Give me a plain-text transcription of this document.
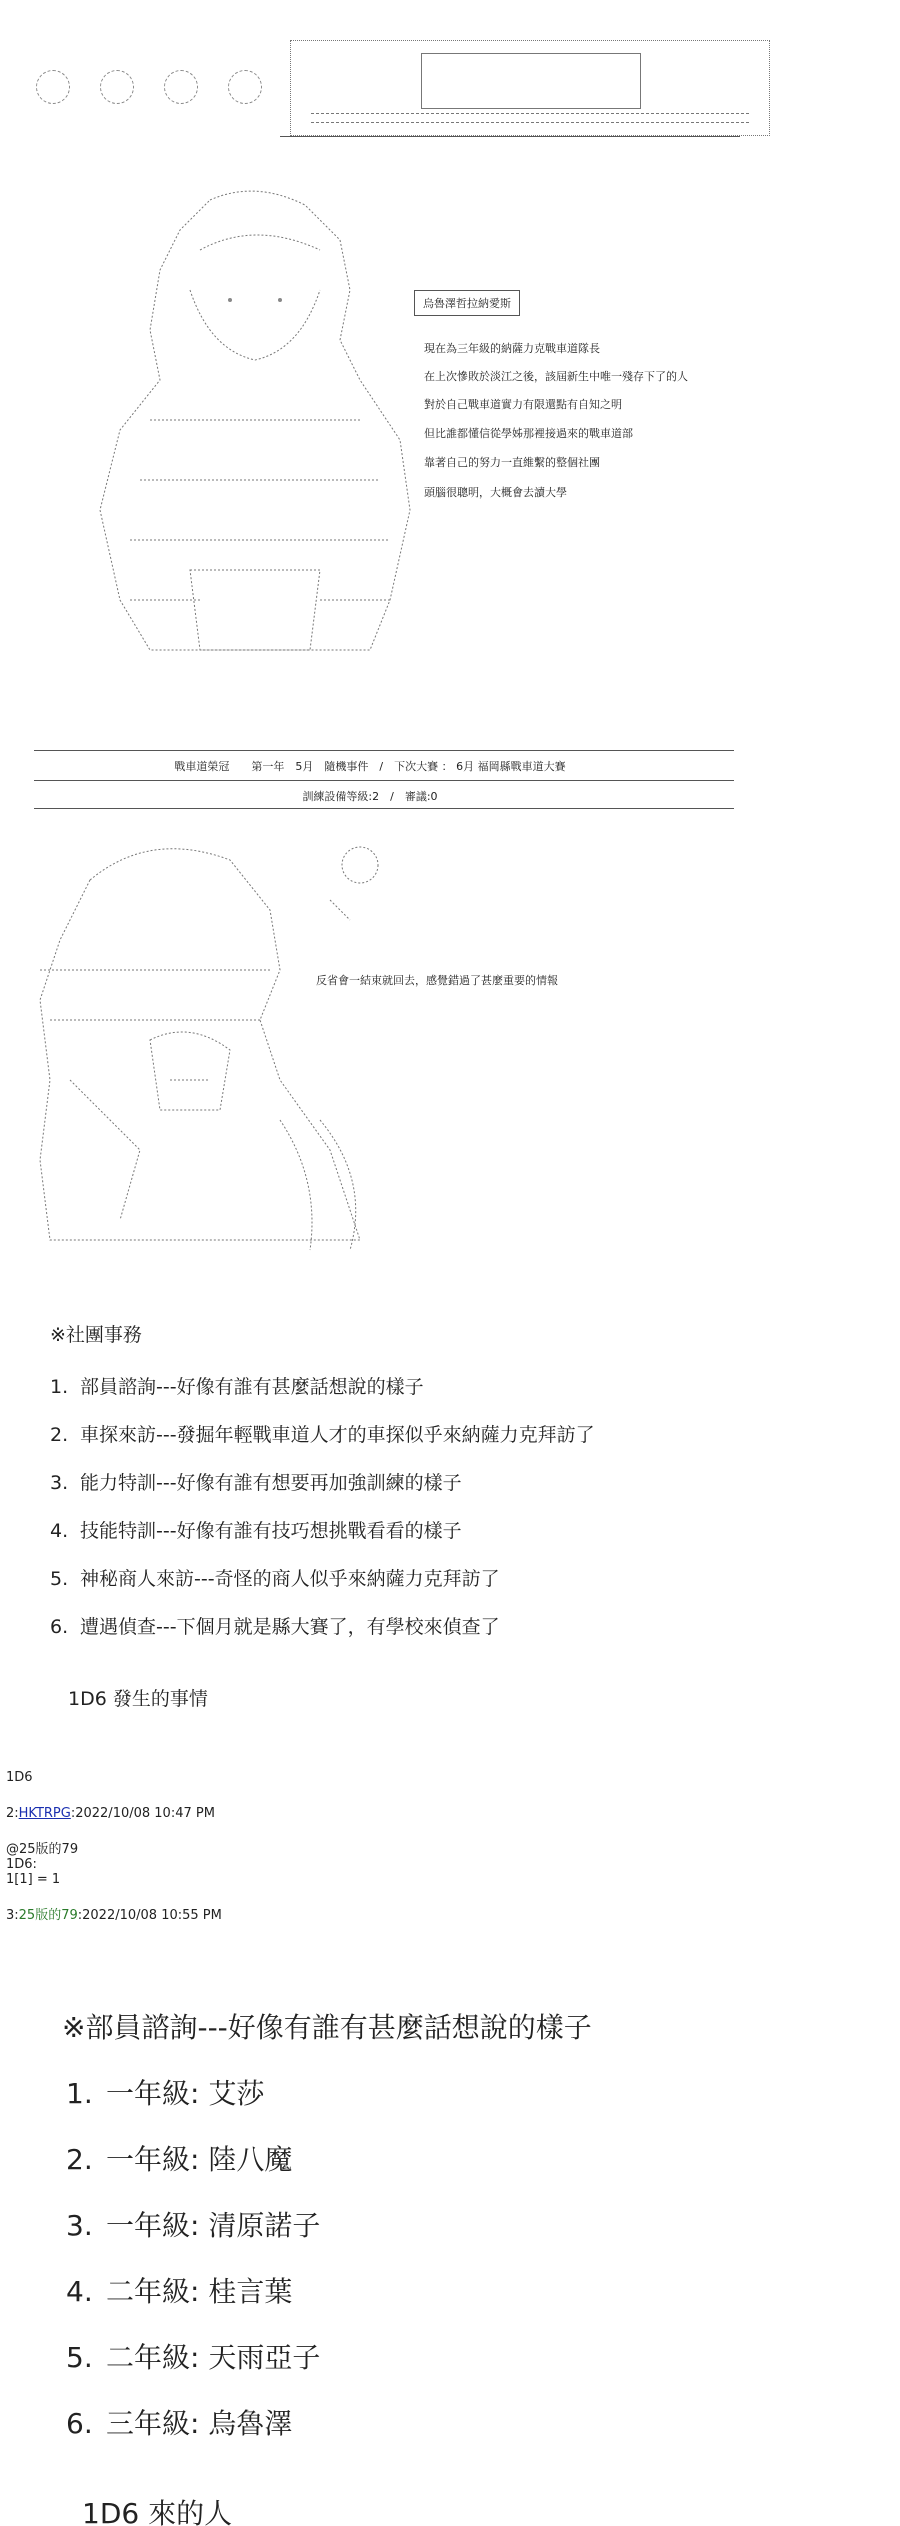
烏魯澤哲拉納愛斯
現在為三年級的納薩力克戰車道隊長
在上次慘敗於淡江之後，該屆新生中唯一殘存下了的人
對於自己戰車道實力有限還點有自知之明
但比誰都懂信從學姊那裡接過來的戰車道部
靠著自己的努力一直維繫的整個社團
頭腦很聰明，大概會去讀大學
戰車道榮冠　　第一年　5月　隨機事件　/　下次大賽 ： 6月 福岡縣戰車道大賽
訓練設備等級:2　/　審議:0

反省會一結束就回去，感覺錯過了甚麼重要的情報
※社團事務
1. 部員諮詢---好像有誰有甚麼話想說的樣子
2. 車探來訪---發掘年輕戰車道人才的車探似乎來納薩力克拜訪了
3. 能力特訓---好像有誰有想要再加強訓練的樣子
4. 技能特訓---好像有誰有技巧想挑戰看看的樣子
5. 神秘商人來訪---奇怪的商人似乎來納薩力克拜訪了
6. 遭遇偵查---下個月就是縣大賽了，有學校來偵查了
1D6 發生的事情
1D6
2:HKTRPG:2022/10/08 10:47 PM
@25版的79
1D6:
1[1] = 1
3:25版的79:2022/10/08 10:55 PM
※部員諮詢---好像有誰有甚麼話想說的樣子
1. 一年級: 艾莎
2. 一年級: 陸八魔
3. 一年級: 清原諾子
4. 二年級: 桂言葉
5. 二年級: 天雨亞子
6. 三年級: 烏魯澤
1D6 來的人
